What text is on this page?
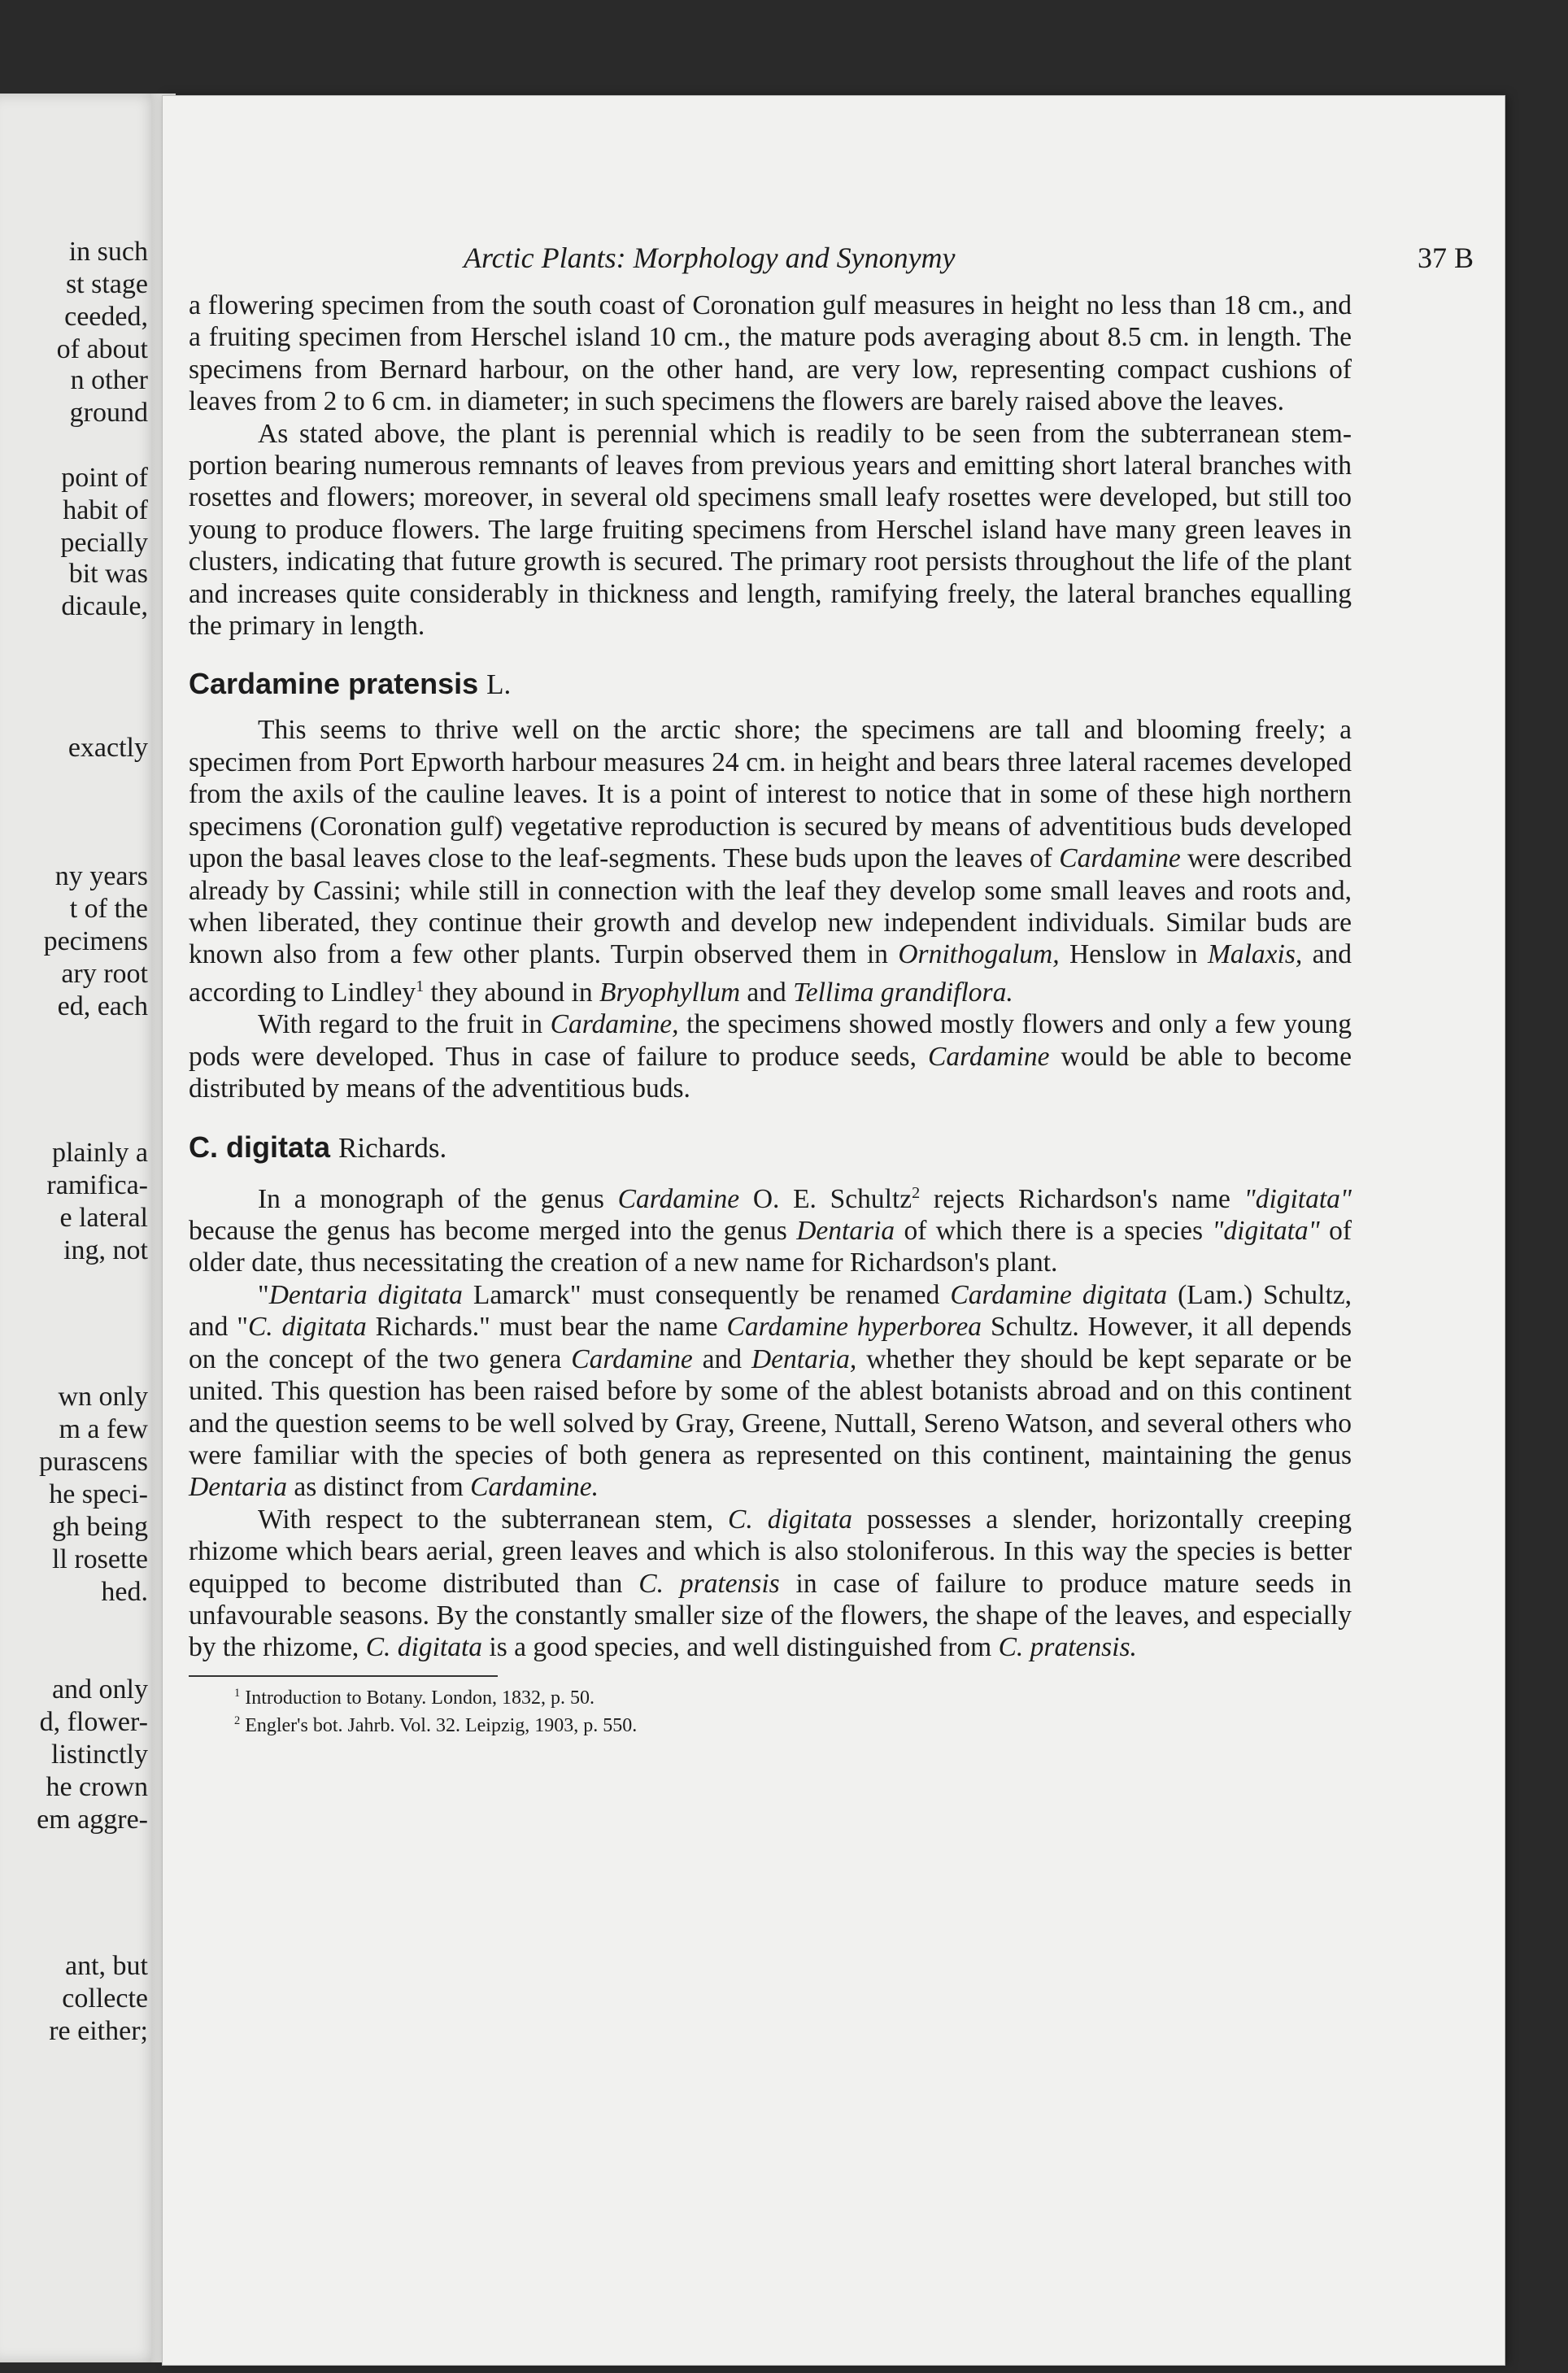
in such
st stage
ceeded,
of about
n other
ground
point of
habit of
pecially
bit was
dicaule,
exactly
ny years
t of the
pecimens
ary root
ed, each
plainly a
ramifica-
e lateral
ing, not
wn only
m a few
purascens
he speci-
gh being
ll rosette
hed.
and only
d, flower-
listinctly
he crown
em aggre-
ant, but
collecte
re either;
Arctic Plants: Morphology and Synonymy	37 B

a flowering specimen from the south coast of Coronation gulf measures in height no less than 18 cm., and a fruiting specimen from Herschel island 10 cm., the mature pods averaging about 8.5 cm. in length. The specimens from Bernard harbour, on the other hand, are very low, representing compact cushions of leaves from 2 to 6 cm. in diameter; in such specimens the flowers are barely raised above the leaves.

As stated above, the plant is perennial which is readily to be seen from the subterranean stem-portion bearing numerous remnants of leaves from previous years and emitting short lateral branches with rosettes and flowers; moreover, in several old specimens small leafy rosettes were developed, but still too young to produce flowers. The large fruiting specimens from Herschel island have many green leaves in clusters, indicating that future growth is secured. The primary root persists throughout the life of the plant and increases quite considerably in thickness and length, ramifying freely, the lateral branches equalling the primary in length.

Cardamine pratensis L.

This seems to thrive well on the arctic shore; the specimens are tall and blooming freely; a specimen from Port Epworth harbour measures 24 cm. in height and bears three lateral racemes developed from the axils of the cauline leaves. It is a point of interest to notice that in some of these high northern specimens (Coronation gulf) vegetative reproduction is secured by means of adventitious buds developed upon the basal leaves close to the leaf-segments. These buds upon the leaves of Cardamine were described already by Cassini; while still in connection with the leaf they develop some small leaves and roots and, when liberated, they continue their growth and develop new independent individuals. Similar buds are known also from a few other plants. Turpin observed them in Ornithogalum, Henslow in Malaxis, and according to Lindley$^1$ they abound in Bryophyllum and Tellima grandiflora.

With regard to the fruit in Cardamine, the specimens showed mostly flowers and only a few young pods were developed. Thus in case of failure to produce seeds, Cardamine would be able to become distributed by means of the adventitious buds.

C. digitata Richards.

In a monograph of the genus Cardamine O. E. Schultz$^2$ rejects Richardson's name "digitata" because the genus has become merged into the genus Dentaria of which there is a species "digitata" of older date, thus necessitating the creation of a new name for Richardson's plant.

"Dentaria digitata Lamarck" must consequently be renamed Cardamine digitata (Lam.) Schultz, and "C. digitata Richards." must bear the name Cardamine hyperborea Schultz. However, it all depends on the concept of the two genera Cardamine and Dentaria, whether they should be kept separate or be united. This question has been raised before by some of the ablest botanists abroad and on this continent and the question seems to be well solved by Gray, Greene, Nuttall, Sereno Watson, and several others who were familiar with the species of both genera as represented on this continent, maintaining the genus Dentaria as distinct from Cardamine.

With respect to the subterranean stem, C. digitata possesses a slender, horizontally creeping rhizome which bears aerial, green leaves and which is also stoloniferous. In this way the species is better equipped to become distributed than C. pratensis in case of failure to produce mature seeds in unfavourable seasons. By the constantly smaller size of the flowers, the shape of the leaves, and especially by the rhizome, C. digitata is a good species, and well distinguished from C. pratensis.

$^1$ Introduction to Botany. London, 1832, p. 50.

$^2$ Engler's bot. Jahrb. Vol. 32. Leipzig, 1903, p. 550.
